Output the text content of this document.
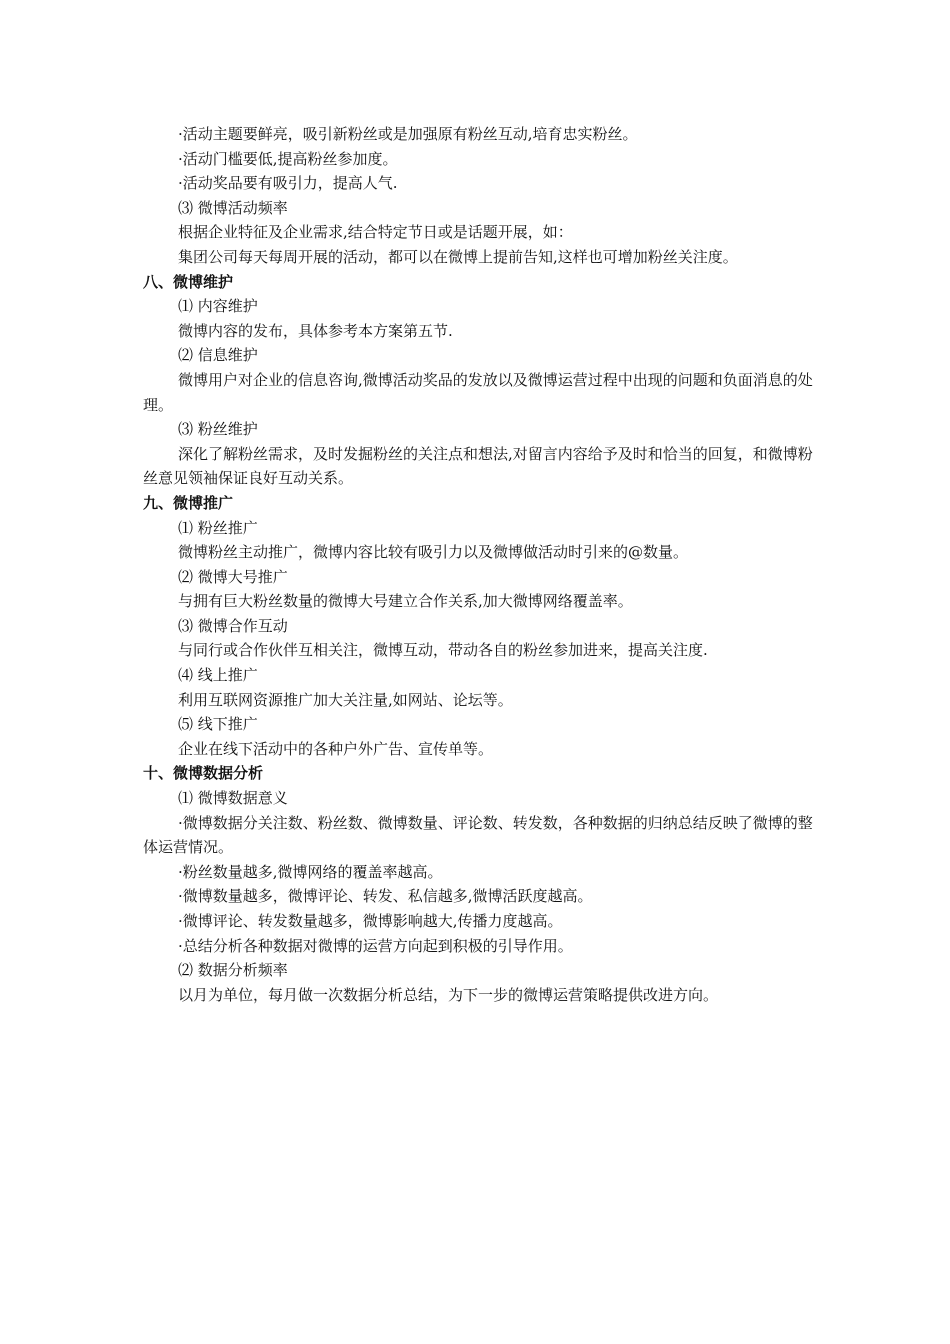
·活动主题要鲜亮，吸引新粉丝或是加强原有粉丝互动,培育忠实粉丝。

·活动门槛要低,提高粉丝参加度。

·活动奖品要有吸引力，提高人气.

⑶ 微博活动频率

根据企业特征及企业需求,结合特定节日或是话题开展，如：

集团公司每天每周开展的活动，都可以在微博上提前告知,这样也可增加粉丝关注度。

八、微博维护

⑴ 内容维护

微博内容的发布，具体参考本方案第五节.

⑵ 信息维护

微博用户对企业的信息咨询,微博活动奖品的发放以及微博运营过程中出现的问题和负面消息的处理。

⑶ 粉丝维护

深化了解粉丝需求，及时发掘粉丝的关注点和想法,对留言内容给予及时和恰当的回复，和微博粉丝意见领袖保证良好互动关系。

九、微博推广

⑴ 粉丝推广

微博粉丝主动推广，微博内容比较有吸引力以及微博做活动时引来的@数量。

⑵ 微博大号推广

与拥有巨大粉丝数量的微博大号建立合作关系,加大微博网络覆盖率。

⑶ 微博合作互动

与同行或合作伙伴互相关注，微博互动，带动各自的粉丝参加进来，提高关注度.

⑷ 线上推广

利用互联网资源推广加大关注量,如网站、论坛等。

⑸ 线下推广

企业在线下活动中的各种户外广告、宣传单等。

十、微博数据分析

⑴ 微博数据意义

·微博数据分关注数、粉丝数、微博数量、评论数、转发数，各种数据的归纳总结反映了微博的整体运营情况。

·粉丝数量越多,微博网络的覆盖率越高。

·微博数量越多，微博评论、转发、私信越多,微博活跃度越高。

·微博评论、转发数量越多，微博影响越大,传播力度越高。

·总结分析各种数据对微博的运营方向起到积极的引导作用。

⑵ 数据分析频率

以月为单位，每月做一次数据分析总结，为下一步的微博运营策略提供改进方向。
